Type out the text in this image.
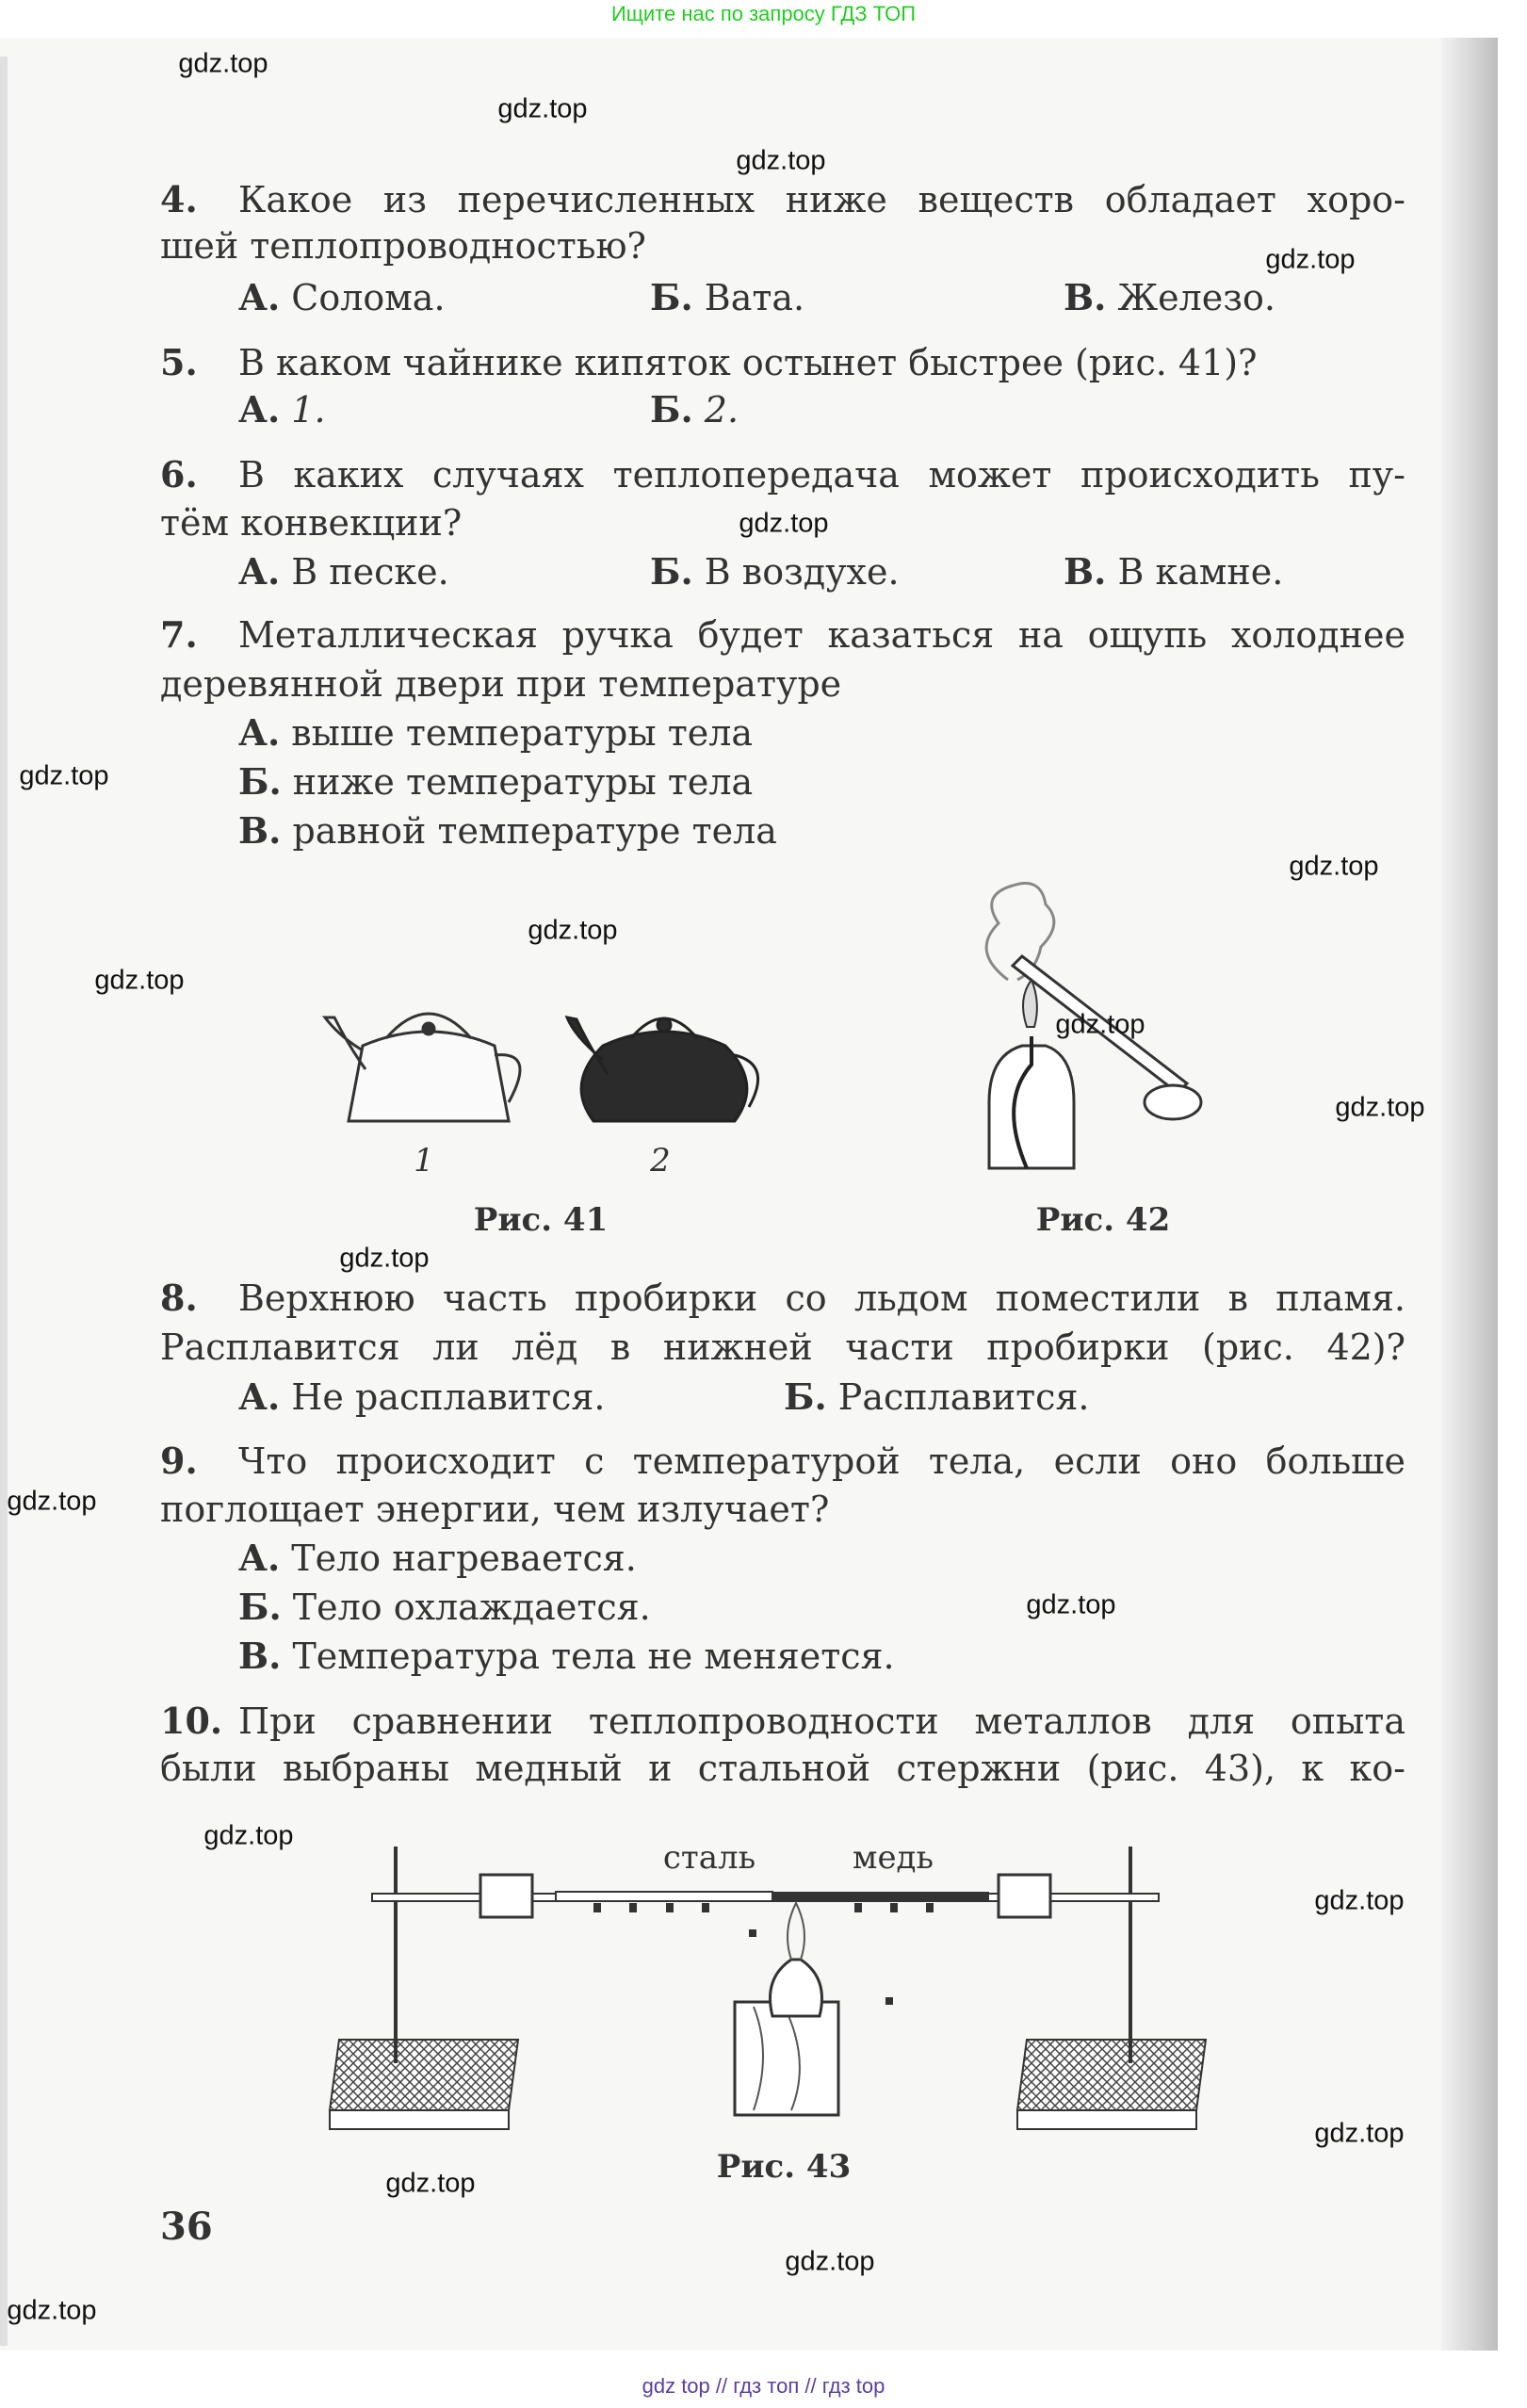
Ищите нас по запросу ГДЗ ТОП
4. Какое из перечисленных ниже веществ обладает хоро-
шей теплопроводностью?
А. Солома.	Б. Вата.	В. Железо.
5. В каком чайнике кипяток остынет быстрее (рис. 41)?
А. 1.	Б. 2.
6. В каких случаях теплопередача может происходить пу-
тём конвекции?
А. В песке.	Б. В воздухе.	В. В камне.
7. Металлическая ручка будет казаться на ощупь холоднее
деревянной двери при температуре
А. выше температуры тела
Б. ниже температуры тела
В. равной температуре тела
1	2
Рис. 41	Рис. 42
8. Верхнюю часть пробирки со льдом поместили в пламя.
Расплавится ли лёд в нижней части пробирки (рис. 42)?
А. Не расплавится.	Б. Расплавится.
9. Что происходит с температурой тела, если оно больше
поглощает энергии, чем излучает?
А. Тело нагревается.
Б. Тело охлаждается.
В. Температура тела не меняется.
10. При сравнении теплопроводности металлов для опыта
были выбраны медный и стальной стержни (рис. 43), к ко-
сталь	медь
Рис. 43
36
gdz.top
gdz.top
gdz.top
gdz.top
gdz.top
gdz.top
gdz.top
gdz.top
gdz.top
gdz.top
gdz.top
gdz.top
gdz.top
gdz.top
gdz.top
gdz.top
gdz.top
gdz.top
gdz.top
gdz.top
gdz top // гдз топ // гдз top
